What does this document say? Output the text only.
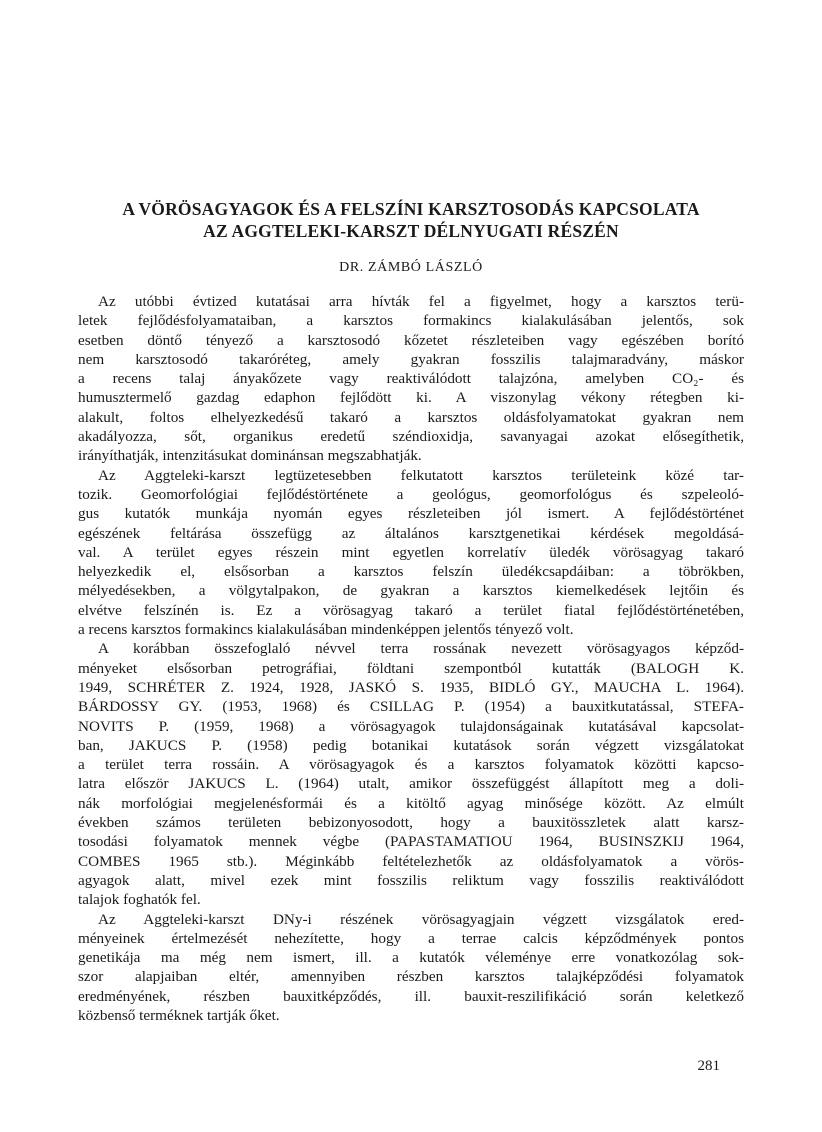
A VÖRÖSAGYAGOK ÉS A FELSZÍNI KARSZTOSODÁS KAPCSOLATA
AZ AGGTELEKI-KARSZT DÉLNYUGATI RÉSZÉN
DR. ZÁMBÓ LÁSZLÓ
Az utóbbi évtized kutatásai arra hívták fel a figyelmet, hogy a karsztos terü-
letek fejlődésfolyamataiban, a karsztos formakincs kialakulásában jelentős, sok
esetben döntő tényező a karsztosodó kőzetet részleteiben vagy egészében borító
nem karsztosodó takaróréteg, amely gyakran fosszilis talajmaradvány, máskor
a recens talaj ányakőzete vagy reaktiválódott talajzóna, amelyben CO₂- és
humusztermelő gazdag edaphon fejlődött ki. A viszonylag vékony rétegben ki-
alakult, foltos elhelyezkedésű takaró a karsztos oldásfolyamatokat gyakran nem
akadályozza, sőt, organikus eredetű széndioxidja, savanyagai azokat elősegíthetik,
irányíthatják, intenzitásukat dominánsan megszabhatják.
Az Aggteleki-karszt legtüzetesebben felkutatott karsztos területeink közé tar-
tozik. Geomorfológiai fejlődéstörténete a geológus, geomorfológus és szpeleoló-
gus kutatók munkája nyomán egyes részleteiben jól ismert. A fejlődéstörténet
egészének feltárása összefügg az általános karsztgenetikai kérdések megoldásá-
val. A terület egyes részein mint egyetlen korrelatív üledék vörösagyag takaró
helyezkedik el, elsősorban a karsztos felszín üledékcsapdáiban: a töbrökben,
mélyedésekben, a völgytalpakon, de gyakran a karsztos kiemelkedések lejtőin és
elvétve felszínén is. Ez a vörösagyag takaró a terület fiatal fejlődéstörténetében,
a recens karsztos formakincs kialakulásában mindenképpen jelentős tényező volt.
A korábban összefoglaló névvel terra rossának nevezett vörösagyagos képződ-
ményeket elsősorban petrográfiai, földtani szempontból kutatták (BALOGH K.
1949, SCHRÉTER Z. 1924, 1928, JASKÓ S. 1935, BIDLÓ GY., MAUCHA L. 1964).
BÁRDOSSY GY. (1953, 1968) és CSILLAG P. (1954) a bauxitkutatással, STEFA-
NOVITS P. (1959, 1968) a vörösagyagok tulajdonságainak kutatásával kapcsolat-
ban, JAKUCS P. (1958) pedig botanikai kutatások során végzett vizsgálatokat
a terület terra rossáin. A vörösagyagok és a karsztos folyamatok közötti kapcso-
latra először JAKUCS L. (1964) utalt, amikor összefüggést állapított meg a doli-
nák morfológiai megjelenésformái és a kitöltő agyag minősége között. Az elmúlt
években számos területen bebizonyosodott, hogy a bauxitösszletek alatt karsz-
tosodási folyamatok mennek végbe (PAPASTAMATIOU 1964, BUSINSZKIJ 1964,
COMBES 1965 stb.). Méginkább feltételezhetők az oldásfolyamatok a vörös-
agyagok alatt, mivel ezek mint fosszilis reliktum vagy fosszilis reaktiválódott
talajok foghatók fel.
Az Aggteleki-karszt DNy-i részének vörösagyagjain végzett vizsgálatok ered-
ményeinek értelmezését nehezítette, hogy a terrae calcis képződmények pontos
genetikája ma még nem ismert, ill. a kutatók véleménye erre vonatkozólag sok-
szor alapjaiban eltér, amennyiben részben karsztos talajképződési folyamatok
eredményének, részben bauxitképződés, ill. bauxit-reszilifikáció során keletkező
közbenső terméknek tartják őket.
281
